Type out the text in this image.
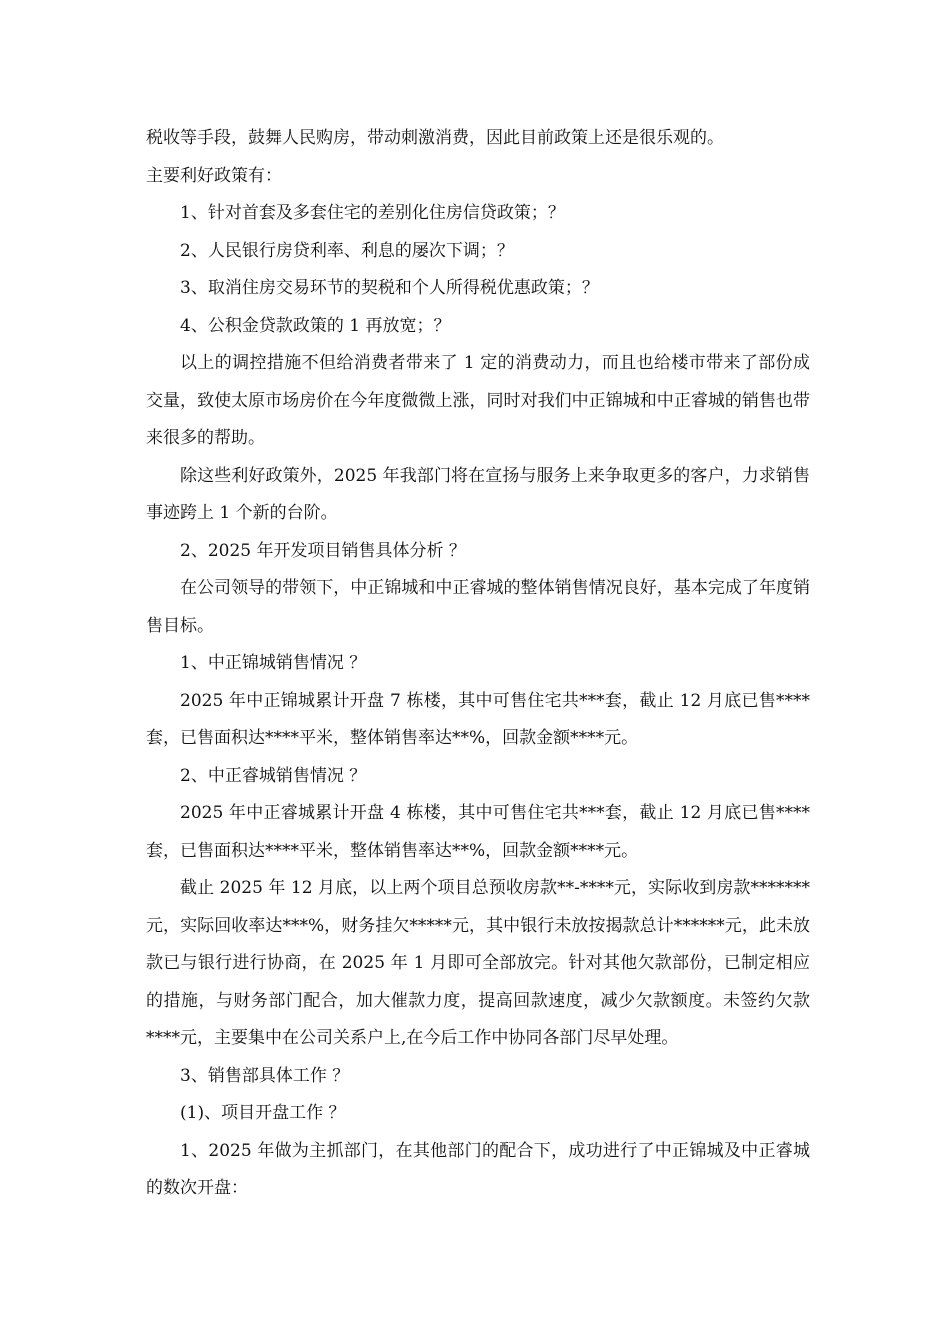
税收等手段，鼓舞人民购房，带动刺激消费，因此目前政策上还是很乐观的。

主要利好政策有：

1、针对首套及多套住宅的差别化住房信贷政策；？

2、人民银行房贷利率、利息的屡次下调；？

3、取消住房交易环节的契税和个人所得税优惠政策；？

4、公积金贷款政策的 1 再放宽；？

以上的调控措施不但给消费者带来了 1 定的消费动力，而且也给楼市带来了部份成交量，致使太原市场房价在今年度微微上涨，同时对我们中正锦城和中正睿城的销售也带来很多的帮助。

除这些利好政策外，2025 年我部门将在宣扬与服务上来争取更多的客户，力求销售事迹跨上 1 个新的台阶。

2、2025 年开发项目销售具体分析 ？

在公司领导的带领下，中正锦城和中正睿城的整体销售情况良好，基本完成了年度销售目标。

1、中正锦城销售情况 ？

2025 年中正锦城累计开盘 7 栋楼，其中可售住宅共***套，截止 12 月底已售****套，已售面积达****平米，整体销售率达**%，回款金额****元。

2、中正睿城销售情况 ？

2025 年中正睿城累计开盘 4 栋楼，其中可售住宅共***套，截止 12 月底已售****套，已售面积达****平米，整体销售率达**%，回款金额****元。

截止 2025 年 12 月底，以上两个项目总预收房款**-****元，实际收到房款*******元，实际回收率达***%，财务挂欠*****元，其中银行未放按揭款总计******元，此未放款已与银行进行协商，在 2025 年 1 月即可全部放完。针对其他欠款部份，已制定相应的措施，与财务部门配合，加大催款力度，提高回款速度，减少欠款额度。未签约欠款****元，主要集中在公司关系户上,在今后工作中协同各部门尽早处理。

3、销售部具体工作 ？

(1)、项目开盘工作 ？

1、2025 年做为主抓部门，在其他部门的配合下，成功进行了中正锦城及中正睿城的数次开盘：
